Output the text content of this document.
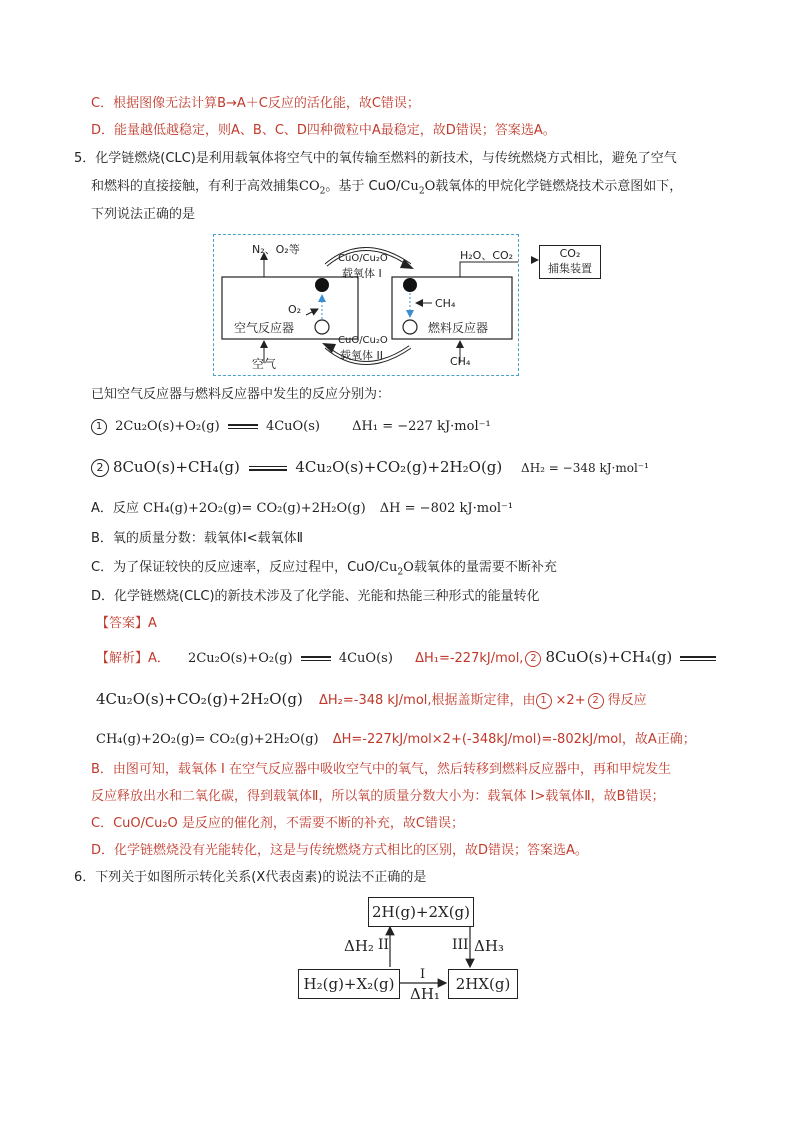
C．根据图像无法计算B→A＋C反应的活化能，故C错误；
D．能量越低越稳定，则A、B、C、D四种微粒中A最稳定，故D错误；答案选A。
5．化学链燃烧(CLC)是利用载氧体将空气中的氧传输至燃料的新技术，与传统燃烧方式相比，避免了空气
和燃料的直接接触，有利于高效捕集$CO_2$。基于 CuO/$Cu_2O$载氧体的甲烷化学链燃烧技术示意图如下，
下列说法正确的是
N₂、O₂等
CuO/Cu₂O
载氧体 I
H₂O、CO₂
O₂
空气反应器
CH₄
燃料反应器
CuO/Cu₂O
载氧体 II
空气	CH₄
CO₂
捕集装置
已知空气反应器与燃料反应器中发生的反应分别为：
1 2Cu₂O(s)+O₂(g)	4CuO(s) ΔH₁ = −227 kJ·mol⁻¹
2 8CuO(s)+CH₄(g)	4Cu₂O(s)+CO₂(g)+2H₂O(g) ΔH₂ = −348 kJ·mol⁻¹
A．反应 CH₄(g)+2O₂(g)= CO₂(g)+2H₂O(g) ΔH = −802 kJ·mol⁻¹
B．氧的质量分数：载氧体Ⅰ<载氧体Ⅱ
C．为了保证较快的反应速率，反应过程中，CuO/$Cu_2O$载氧体的量需要不断补充
D．化学链燃烧(CLC)的新技术涉及了化学能、光能和热能三种形式的能量转化
【答案】A
【解析】A． 2Cu₂O(s)+O₂(g)	4CuO(s) ΔH₁=-227kJ/mol, 2 8CuO(s)+CH₄(g)
4Cu₂O(s)+CO₂(g)+2H₂O(g) ΔH₂=-348 kJ/mol,根据盖斯定律，由 1 ×2+ 2 得反应
CH₄(g)+2O₂(g)= CO₂(g)+2H₂O(g) ΔH=-227kJ/mol×2+(-348kJ/mol)=-802kJ/mol，故A正确；
B．由图可知，载氧体 I 在空气反应器中吸收空气中的氧气，然后转移到燃料反应器中，再和甲烷发生
反应释放出水和二氧化碳，得到载氧体Ⅱ，所以氧的质量分数大小为：载氧体 I>载氧体Ⅱ，故B错误；
C．CuO/Cu₂O 是反应的催化剂，不需要不断的补充，故C错误；
D．化学链燃烧没有光能转化，这是与传统燃烧方式相比的区别，故D错误；答案选A。
6．下列关于如图所示转化关系(X代表卤素)的说法不正确的是
2H(g)+2X(g)
H₂(g)+X₂(g)	2HX(g)
ΔH₂ II	III ΔH₃
I
ΔH₁
